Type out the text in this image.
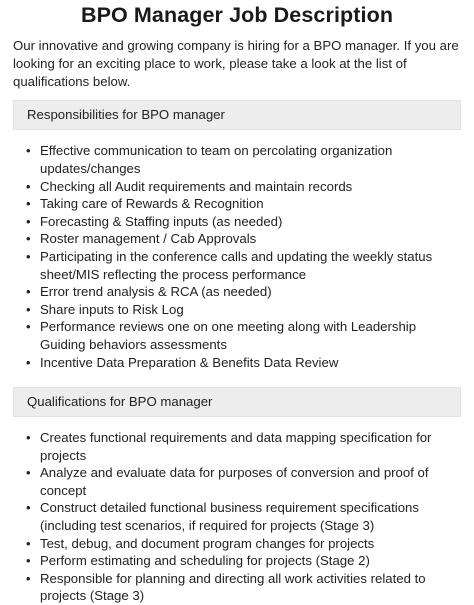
BPO Manager Job Description

Our innovative and growing company is hiring for a BPO manager. If you are looking for an exciting place to work, please take a look at the list of qualifications below.

Responsibilities for BPO manager
• Effective communication to team on percolating organization updates/changes
• Checking all Audit requirements and maintain records
• Taking care of Rewards & Recognition
• Forecasting & Staffing inputs (as needed)
• Roster management / Cab Approvals
• Participating in the conference calls and updating the weekly status sheet/MIS reflecting the process performance
• Error trend analysis & RCA (as needed)
• Share inputs to Risk Log
• Performance reviews one on one meeting along with Leadership Guiding behaviors assessments
• Incentive Data Preparation & Benefits Data Review
Qualifications for BPO manager
• Creates functional requirements and data mapping specification for projects
• Analyze and evaluate data for purposes of conversion and proof of concept
• Construct detailed functional business requirement specifications (including test scenarios, if required for projects (Stage 3)
• Test, debug, and document program changes for projects
• Perform estimating and scheduling for projects (Stage 2)
• Responsible for planning and directing all work activities related to projects (Stage 3)
